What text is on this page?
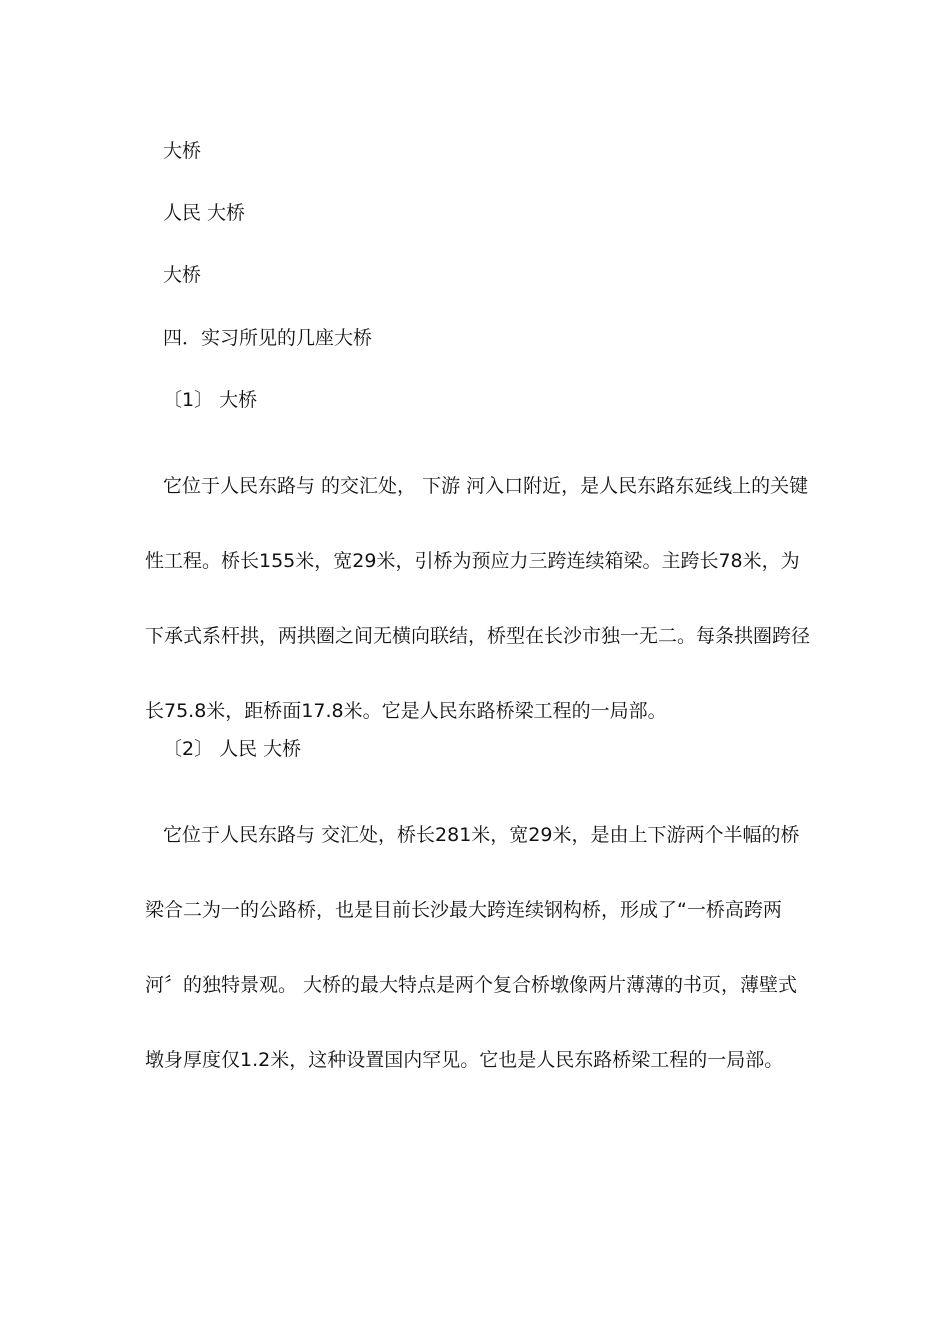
大桥
人民 大桥
大桥
四．实习所见的几座大桥
〔1〕 大桥

它位于人民东路与 的交汇处， 下游 河入口附近，是人民东路东延线上的关键性工程。桥长155米，宽29米，引桥为预应力三跨连续箱梁。主跨长78米，为下承式系杆拱，两拱圈之间无横向联结，桥型在长沙市独一无二。每条拱圈跨径长75.8米，距桥面17.8米。它是人民东路桥梁工程的一局部。

〔2〕 人民 大桥

它位于人民东路与 交汇处，桥长281米，宽29米，是由上下游两个半幅的桥梁合二为一的公路桥，也是目前长沙最大跨连续钢构桥，形成了“一桥高跨两河〞的独特景观。 大桥的最大特点是两个复合桥墩像两片薄薄的书页，薄壁式墩身厚度仅1.2米，这种设置国内罕见。它也是人民东路桥梁工程的一局部。
